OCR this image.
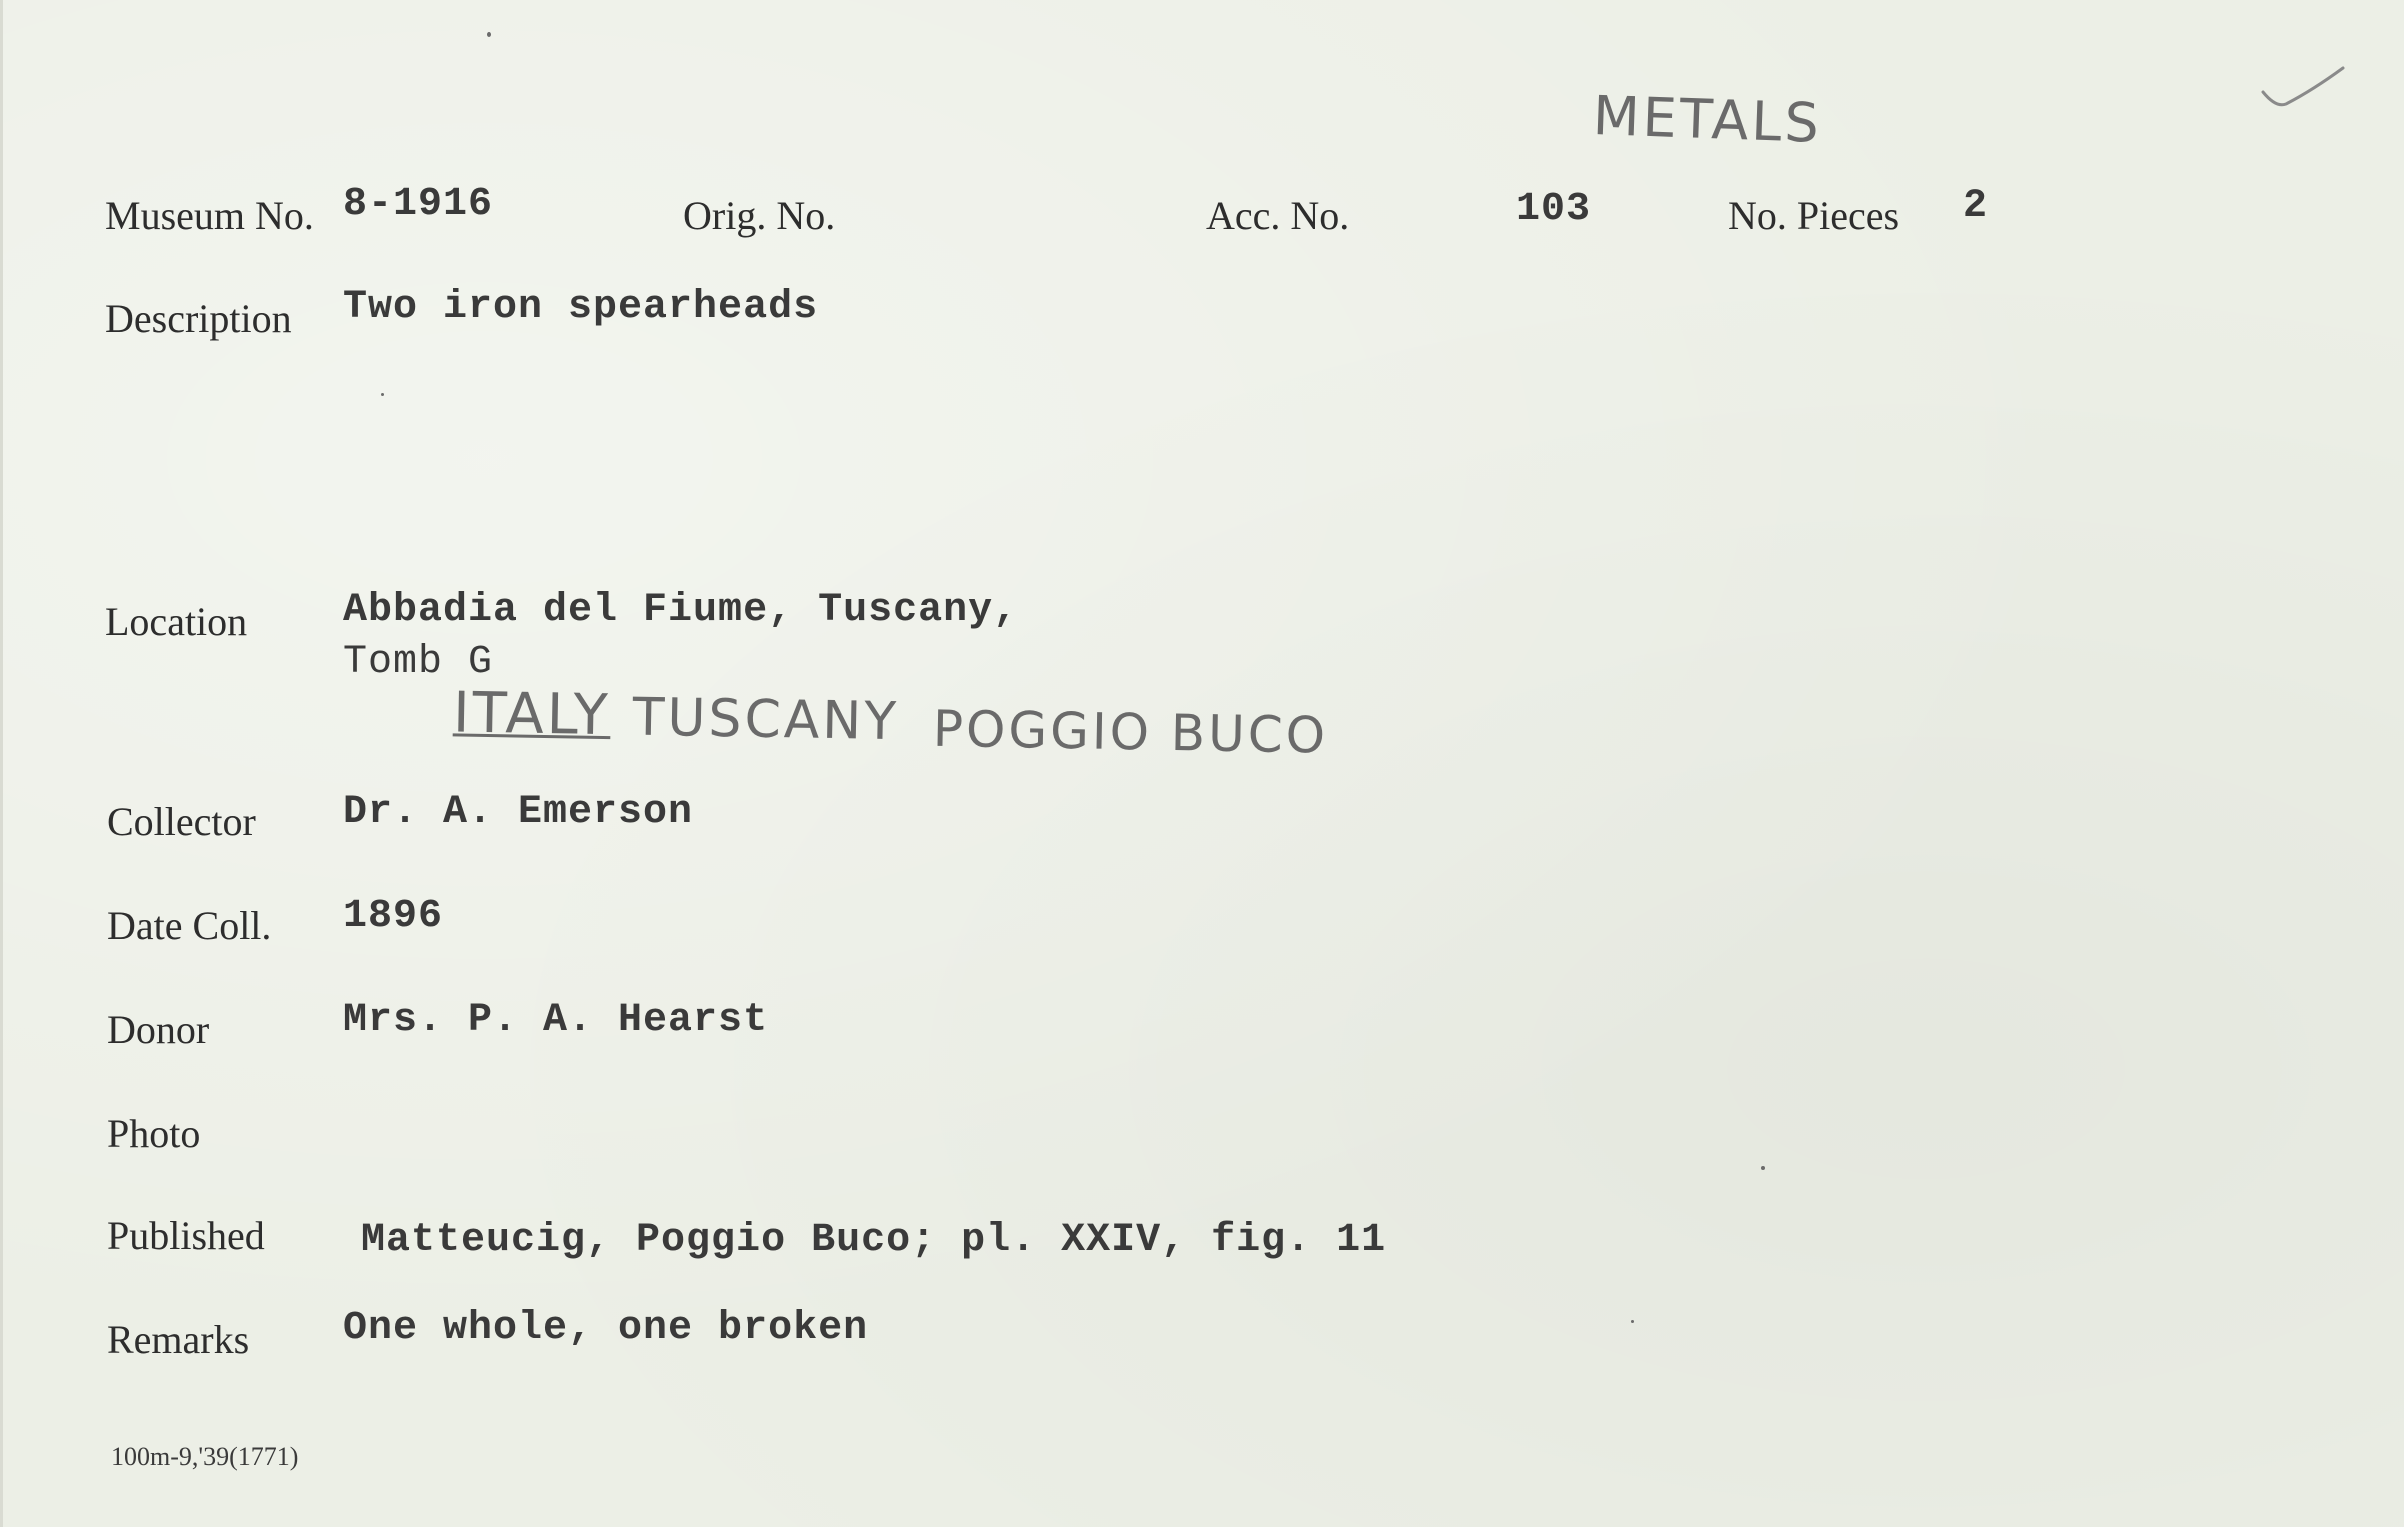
METALS
Museum No. 8-1916	Orig. No.	Acc. No.	103	No. Pieces 2
Description Two iron spearheads
Location Abbadia del Fiume, Tuscany,
Tomb G
ITALY TUSCANY POGGIO BUCO
Collector Dr. A. Emerson
Date Coll. 1896
Donor	Mrs. P. A. Hearst
Photo
Published Matteucig, Poggio Buco; pl. XXIV, fig. 11
Remarks One whole, one broken
100m-9,'39(1771)
